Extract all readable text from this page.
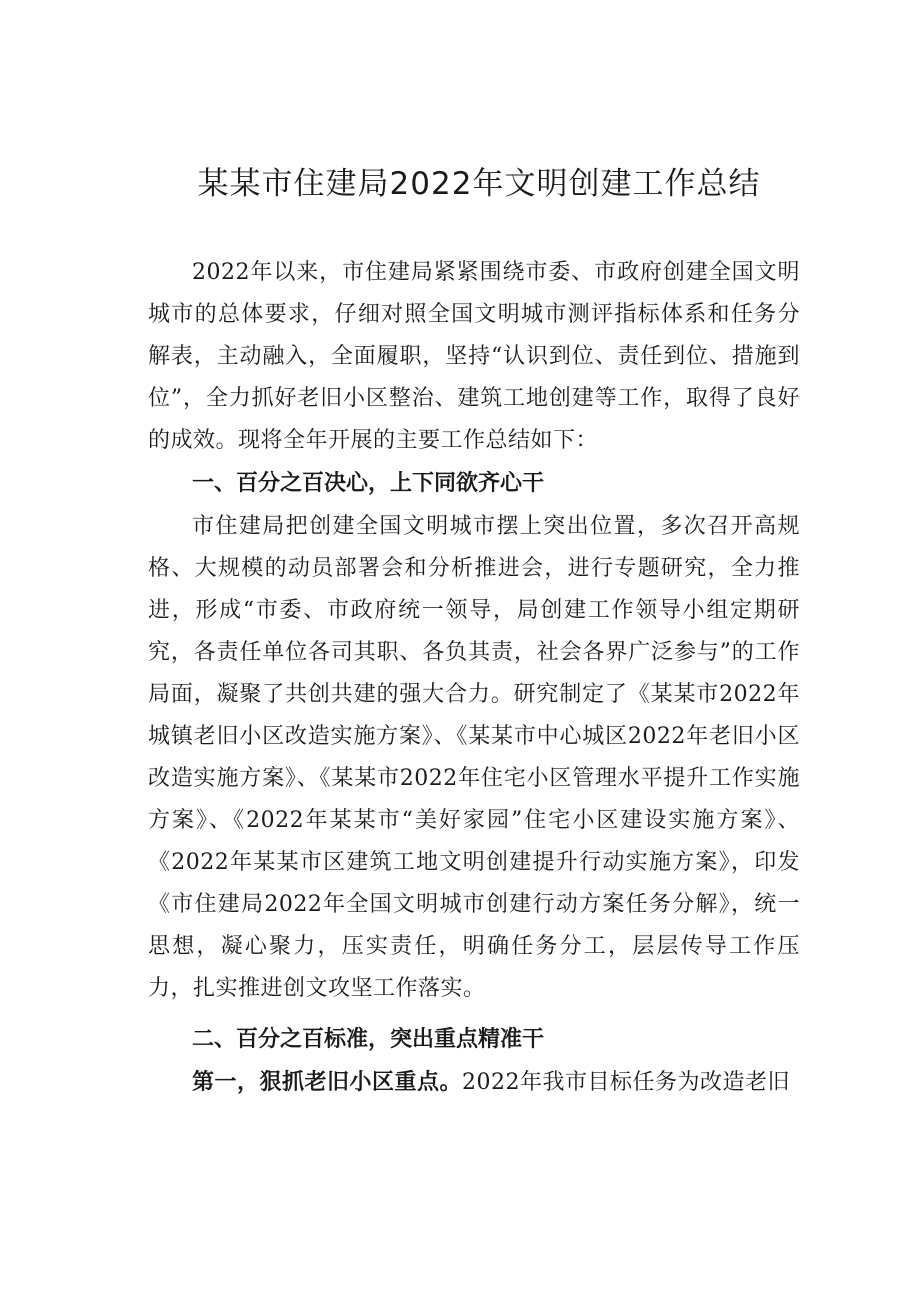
某某市住建局2022年文明创建工作总结

2022年以来，市住建局紧紧围绕市委、市政府创建全国文明城市的总体要求，仔细对照全国文明城市测评指标体系和任务分解表，主动融入，全面履职，坚持“认识到位、责任到位、措施到位”，全力抓好老旧小区整治、建筑工地创建等工作，取得了良好的成效。现将全年开展的主要工作总结如下：

一、百分之百决心，上下同欲齐心干

市住建局把创建全国文明城市摆上突出位置，多次召开高规格、大规模的动员部署会和分析推进会，进行专题研究，全力推进，形成“市委、市政府统一领导，局创建工作领导小组定期研究，各责任单位各司其职、各负其责，社会各界广泛参与”的工作局面，凝聚了共创共建的强大合力。研究制定了《某某市2022年城镇老旧小区改造实施方案》、《某某市中心城区2022年老旧小区改造实施方案》、《某某市2022年住宅小区管理水平提升工作实施方案》、《2022年某某市“美好家园”住宅小区建设实施方案》、《2022年某某市区建筑工地文明创建提升行动实施方案》，印发《市住建局2022年全国文明城市创建行动方案任务分解》，统一思想，凝心聚力，压实责任，明确任务分工，层层传导工作压力，扎实推进创文攻坚工作落实。

二、百分之百标准，突出重点精准干

第一，狠抓老旧小区重点。2022年我市目标任务为改造老旧
